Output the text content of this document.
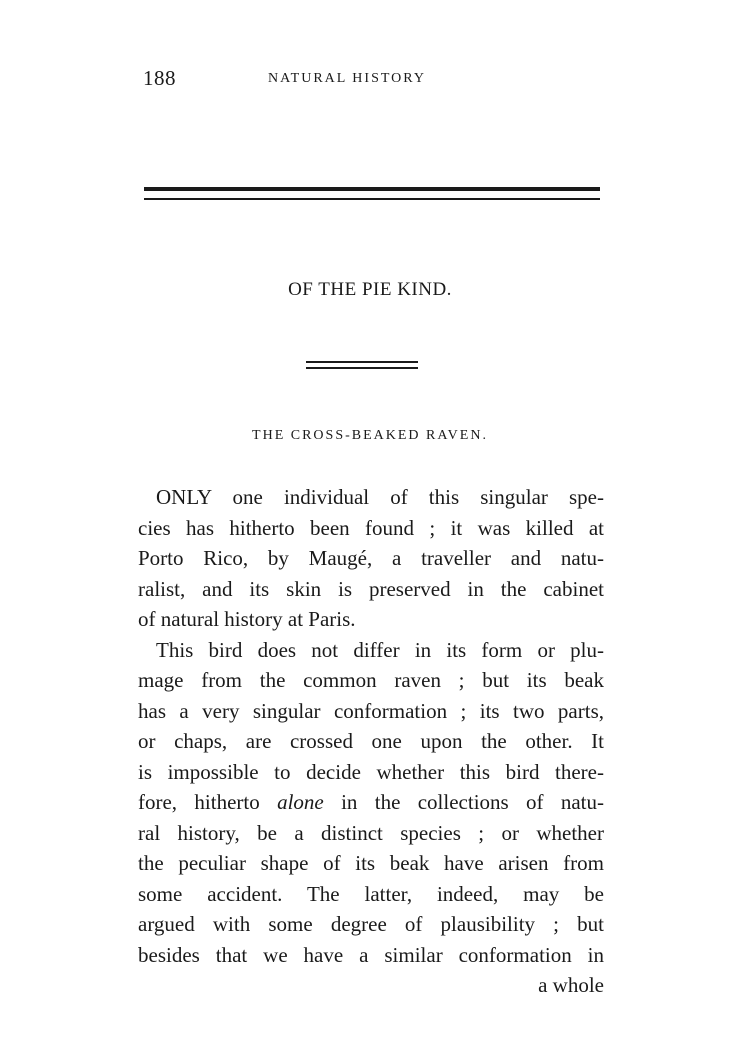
188	NATURAL HISTORY
OF THE PIE KIND.
THE CROSS-BEAKED RAVEN.
ONLY one individual of this singular spe-
cies has hitherto been found ; it was killed at
Porto Rico, by Maugé, a traveller and natu-
ralist, and its skin is preserved in the cabinet
of natural history at Paris.
This bird does not differ in its form or plu-
mage from the common raven ; but its beak
has a very singular conformation ; its two parts,
or chaps, are crossed one upon the other. It
is impossible to decide whether this bird there-
fore, hitherto alone in the collections of natu-
ral history, be a distinct species ; or whether
the peculiar shape of its beak have arisen from
some accident. The latter, indeed, may be
argued with some degree of plausibility ; but
besides that we have a similar conformation in
a whole
